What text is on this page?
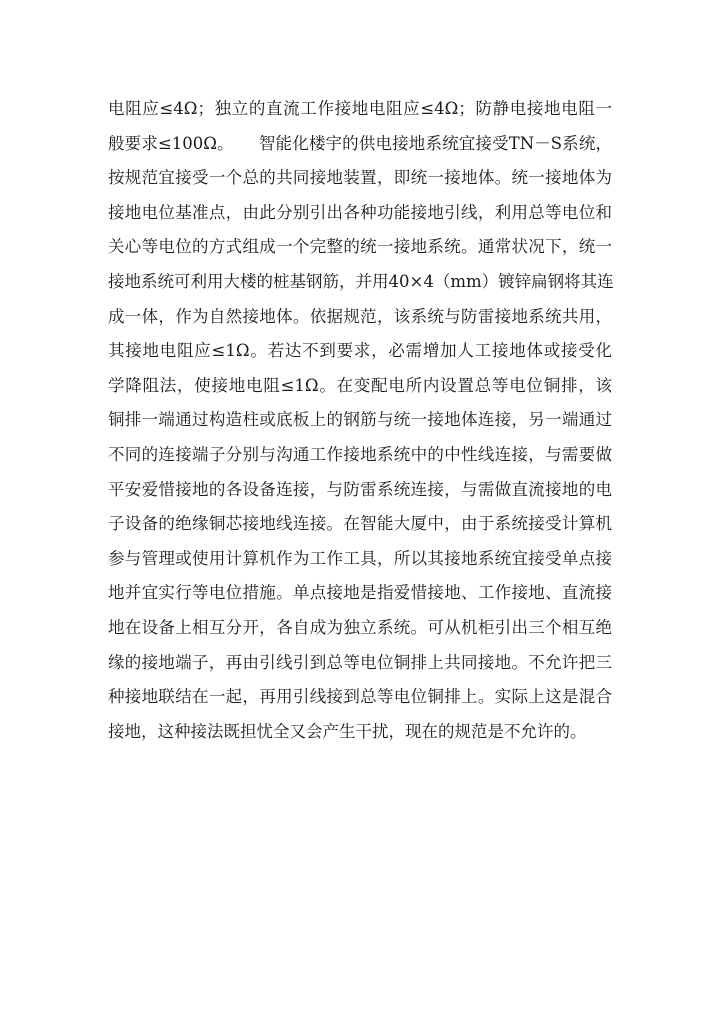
电阻应≤4Ω；独立的直流工作接地电阻应≤4Ω；防静电接地电阻一
般要求≤100Ω。　　智能化楼宇的供电接地系统宜接受TN－S系统，
按规范宜接受一个总的共同接地装置，即统一接地体。统一接地体为
接地电位基准点，由此分别引出各种功能接地引线，利用总等电位和
关心等电位的方式组成一个完整的统一接地系统。通常状况下，统一
接地系统可利用大楼的桩基钢筋，并用40×4（mm）镀锌扁钢将其连
成一体，作为自然接地体。依据规范，该系统与防雷接地系统共用，
其接地电阻应≤1Ω。若达不到要求，必需增加人工接地体或接受化
学降阻法，使接地电阻≤1Ω。在变配电所内设置总等电位铜排，该
铜排一端通过构造柱或底板上的钢筋与统一接地体连接，另一端通过
不同的连接端子分别与沟通工作接地系统中的中性线连接，与需要做
平安爱惜接地的各设备连接，与防雷系统连接，与需做直流接地的电
子设备的绝缘铜芯接地线连接。在智能大厦中，由于系统接受计算机
参与管理或使用计算机作为工作工具，所以其接地系统宜接受单点接
地并宜实行等电位措施。单点接地是指爱惜接地、工作接地、直流接
地在设备上相互分开，各自成为独立系统。可从机柜引出三个相互绝
缘的接地端子，再由引线引到总等电位铜排上共同接地。不允许把三
种接地联结在一起，再用引线接到总等电位铜排上。实际上这是混合
接地，这种接法既担忧全又会产生干扰，现在的规范是不允许的。
